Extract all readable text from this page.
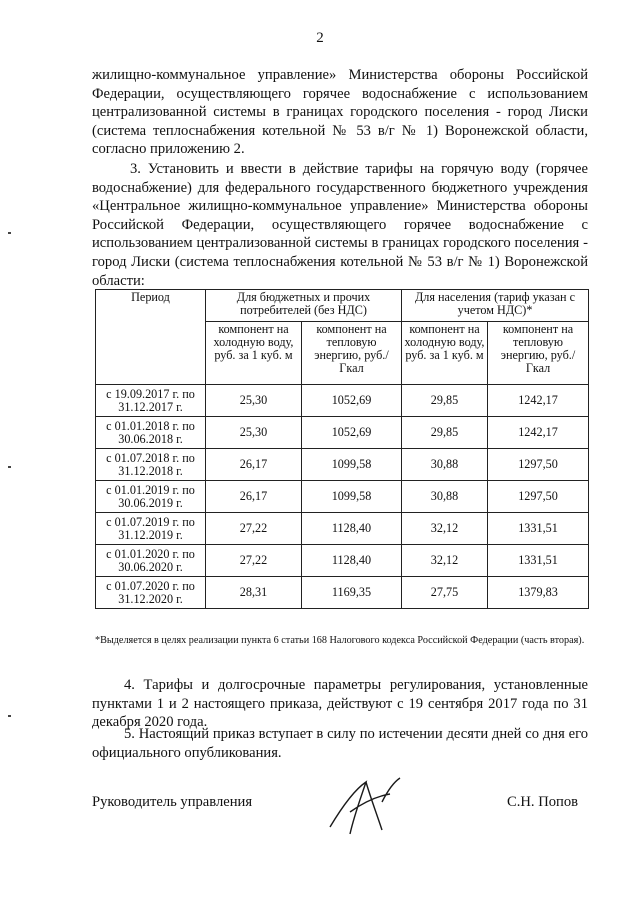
2

жилищно-коммунальное управление» Министерства обороны Российской Федерации, осуществляющего горячее водоснабжение с использованием централизованной системы в границах городского поселения - город Лиски (система теплоснабжения котельной № 53 в/г № 1) Воронежской области, согласно приложению 2.

3. Установить и ввести в действие тарифы на горячую воду (горячее водоснабжение) для федерального государственного бюджетного учреждения «Центральное жилищно-коммунальное управление» Министерства обороны Российской Федерации, осуществляющего горячее водоснабжение с использованием централизованной системы в границах городского поселения - город Лиски (система теплоснабжения котельной № 53 в/г № 1) Воронежской области:

Период	Для бюджетных и прочих потребителей (без НДС)		Для населения (тариф указан с учетом НДС)*	
	компонент на холодную воду, руб. за 1 куб. м	компонент на тепловую энергию, руб./Гкал	компонент на холодную воду, руб. за 1 куб. м	компонент на тепловую энергию, руб./Гкал
с 19.09.2017 г. по 31.12.2017 г.	25,30	1052,69	29,85	1242,17
с 01.01.2018 г. по 30.06.2018 г.	25,30	1052,69	29,85	1242,17
с 01.07.2018 г. по 31.12.2018 г.	26,17	1099,58	30,88	1297,50
с 01.01.2019 г. по 30.06.2019 г.	26,17	1099,58	30,88	1297,50
с 01.07.2019 г. по 31.12.2019 г.	27,22	1128,40	32,12	1331,51
с 01.01.2020 г. по 30.06.2020 г.	27,22	1128,40	32,12	1331,51
с 01.07.2020 г. по 31.12.2020 г.	28,31	1169,35	27,75	1379,83

*Выделяется в целях реализации пункта 6 статьи 168 Налогового кодекса Российской Федерации (часть вторая).

4. Тарифы и долгосрочные параметры регулирования, установленные пунктами 1 и 2 настоящего приказа, действуют с 19 сентября 2017 года по 31 декабря 2020 года.

5. Настоящий приказ вступает в силу по истечении десяти дней со дня его официального опубликования.

Руководитель управления	С.Н. Попов
